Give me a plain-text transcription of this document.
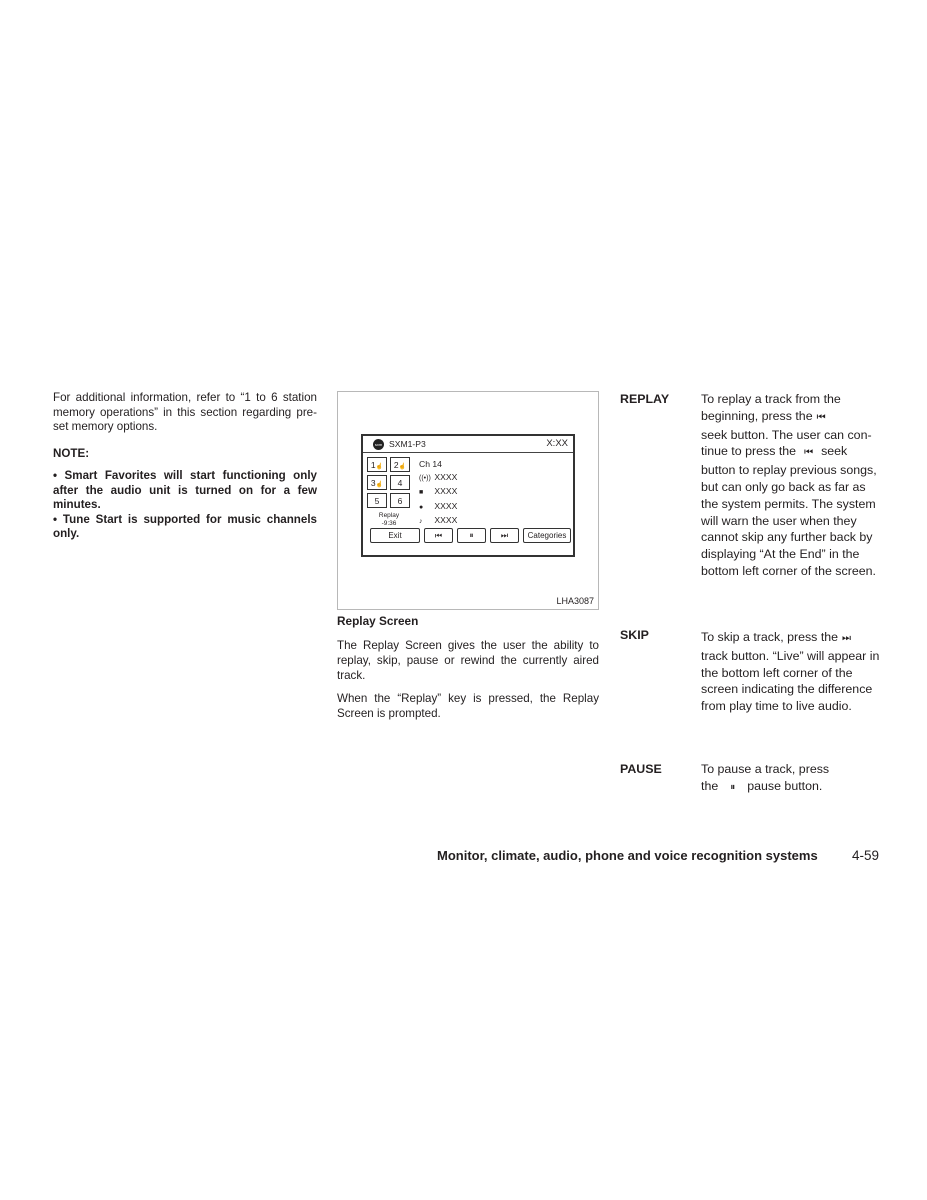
For additional information, refer to “1 to 6 station memory operations” in this section regarding pre-set memory options.

NOTE:
• Smart Favorites will start functioning only after the audio unit is turned on for a few minutes.
• Tune Start is supported for music channels only.
sxm SXM1-P3	X:XX
1☝	2☝
3☝	4
5	6
Replay
-9:36
Ch 14
((•)) XXXX
■ XXXX
● XXXX
♪ XXXX
Exit	⏮	⏸	⏭	Categories
LHA3087
Replay Screen

The Replay Screen gives the user the ability to replay, skip, pause or rewind the currently aired track.

When the “Replay” key is pressed, the Replay Screen is prompted.

REPLAY	To replay a track from the
beginning, press the ⏮
seek button. The user can con-
tinue to press the ⏮ seek
button to replay previous songs, but can only go back as far as the system permits. The system will warn the user when they cannot skip any further back by displaying “At the End” in the bottom left corner of the screen.
SKIP	To skip a track, press the ⏭
track button. “Live” will appear in the bottom left corner of the screen indicating the difference from play time to live audio.
PAUSE	To pause a track, press
the ⏸ pause button.
Monitor, climate, audio, phone and voice recognition systems	4-59
